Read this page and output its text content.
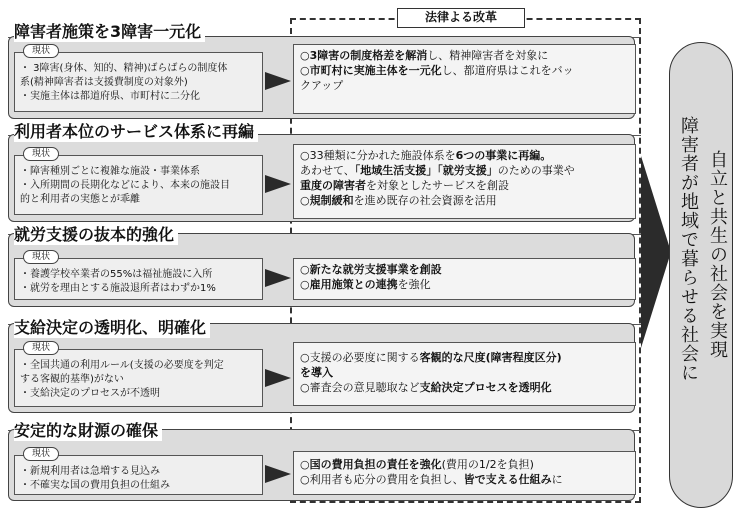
法律よる改革
障害者施策を3障害一元化
・ 3障害(身体、知的、精神)ばらばらの制度体
系(精神障害者は支援費制度の対象外)
・実施主体は都道府県、市町村に二分化
現状	○3障害の制度格差を解消し、精神障害者を対象に
○市町村に実施主体を一元化し、都道府県はこれをバッ
クアップ
利用者本位のサービス体系に再編
・障害種別ごとに複雑な施設・事業体系
・入所期間の長期化などにより、本来の施設目
的と利用者の実態とが乖離
現状	○33種類に分かれた施設体系を6つの事業に再編。
あわせて、「地域生活支援」「就労支援」のための事業や
重度の障害者を対象としたサービスを創設
○規制緩和を進め既存の社会資源を活用
就労支援の抜本的強化
・養護学校卒業者の55%は福祉施設に入所
・就労を理由とする施設退所者はわずか1%
現状
○新たな就労支援事業を創設
○雇用施策との連携を強化
支給決定の透明化、明確化
・全国共通の利用ルール(支援の必要度を判定
する客観的基準)がない
・支給決定のプロセスが不透明
現状
○支援の必要度に関する客観的な尺度(障害程度区分)
を導入
○審査会の意見聴取など支給決定プロセスを透明化
安定的な財源の確保
・新規利用者は急増する見込み
・不確実な国の費用負担の仕組み
現状
○国の費用負担の責任を強化(費用の1/2を負担)
○利用者も応分の費用を負担し、皆で支える仕組みに
自立と共生の社会を実現
障害者が地域で暮らせる社会に
